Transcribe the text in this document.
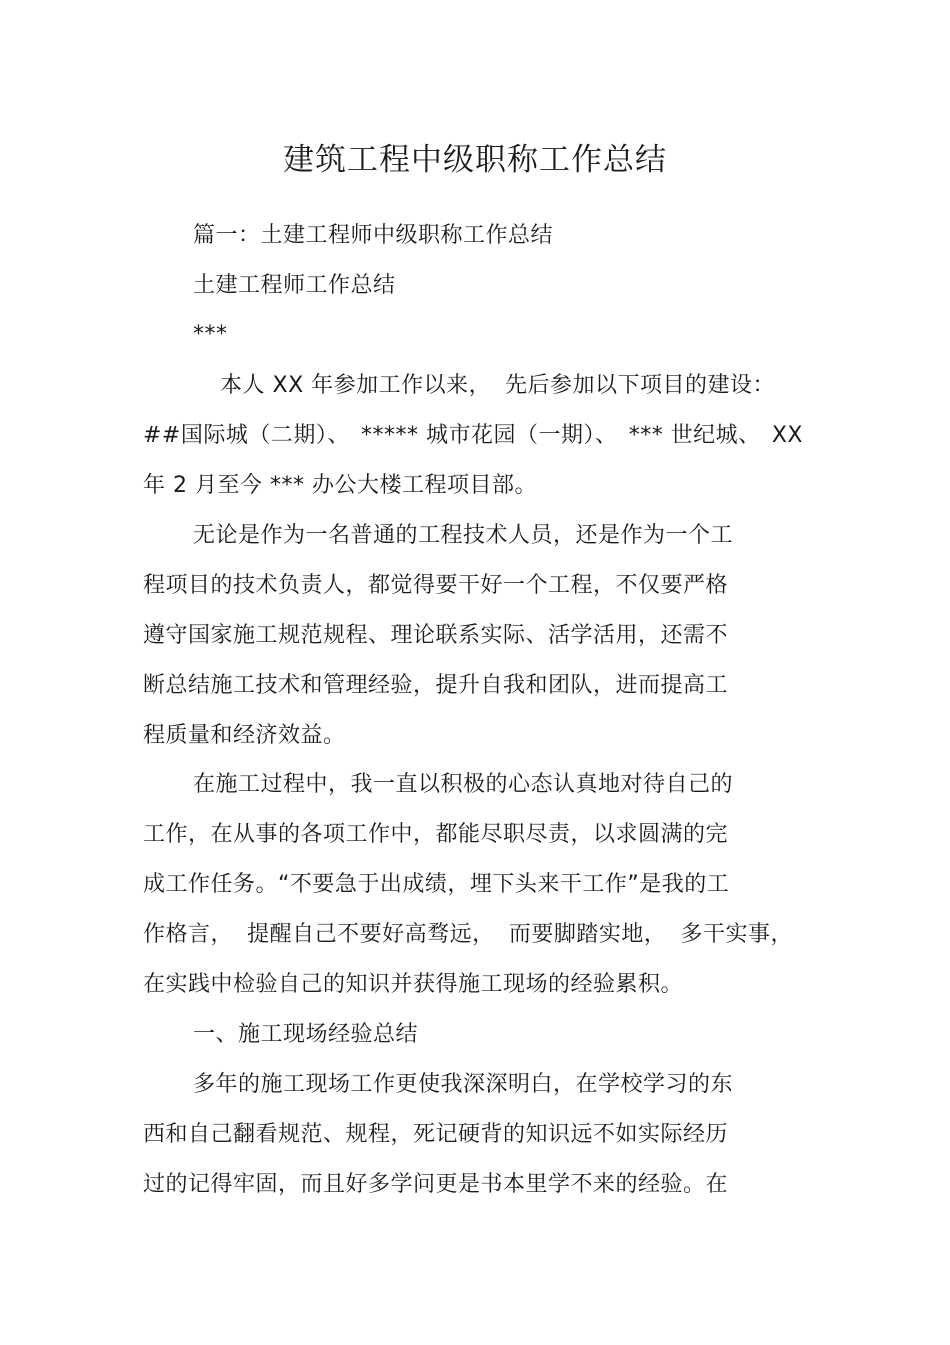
建筑工程中级职称工作总结
篇一：土建工程师中级职称工作总结
土建工程师工作总结
***
本人 XX 年参加工作以来， 先后参加以下项目的建设：
##国际城（二期）、 ***** 城市花园（一期）、 *** 世纪城、 XX
年 2 月至今 *** 办公大楼工程项目部。
无论是作为一名普通的工程技术人员，还是作为一个工
程项目的技术负责人，都觉得要干好一个工程，不仅要严格
遵守国家施工规范规程、理论联系实际、活学活用，还需不
断总结施工技术和管理经验，提升自我和团队，进而提高工
程质量和经济效益。
在施工过程中，我一直以积极的心态认真地对待自己的
工作，在从事的各项工作中，都能尽职尽责，以求圆满的完
成工作任务。“不要急于出成绩，埋下头来干工作”是我的工
作格言， 提醒自己不要好高骛远， 而要脚踏实地， 多干实事，
在实践中检验自己的知识并获得施工现场的经验累积。
一、施工现场经验总结
多年的施工现场工作更使我深深明白，在学校学习的东
西和自己翻看规范、规程，死记硬背的知识远不如实际经历
过的记得牢固，而且好多学问更是书本里学不来的经验。在
